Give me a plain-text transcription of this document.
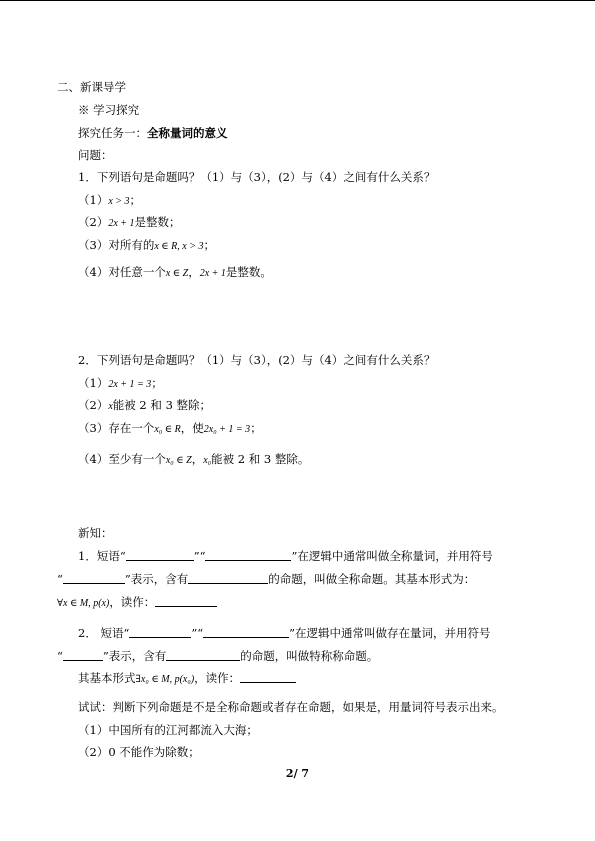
二、新课导学
※ 学习探究
探究任务一：全称量词的意义
问题：
1．下列语句是命题吗？（1）与（3），(2）与（4）之间有什么关系？
（1）x > 3；
（2）2x + 1是整数；
（3）对所有的x ∈ R, x > 3；
（4）对任意一个x ∈ Z，2x + 1是整数。
2．下列语句是命题吗？（1）与（3），(2）与（4）之间有什么关系？
（1）2x + 1 = 3；
（2）x能被 2 和 3 整除；
（3）存在一个x₀ ∈ R，使2x₀ + 1 = 3；
（4）至少有一个x₀ ∈ Z，x₀能被 2 和 3 整除。
新知：
1．短语“	”“	”在逻辑中通常叫做全称量词，并用符号
“	”表示，含有	的命题，叫做全称命题。其基本形式为：
∀x ∈ M, p(x)，读作：
2． 短语“	”“	”在逻辑中通常叫做存在量词，并用符号
“	”表示，含有	的命题，叫做特称称命题。
其基本形式∃x₀ ∈ M, p(x₀)，读作：
试试：判断下列命题是不是全称命题或者存在命题，如果是，用量词符号表示出来。
（1）中国所有的江河都流入大海；
（2）0 不能作为除数；
2/ 7
